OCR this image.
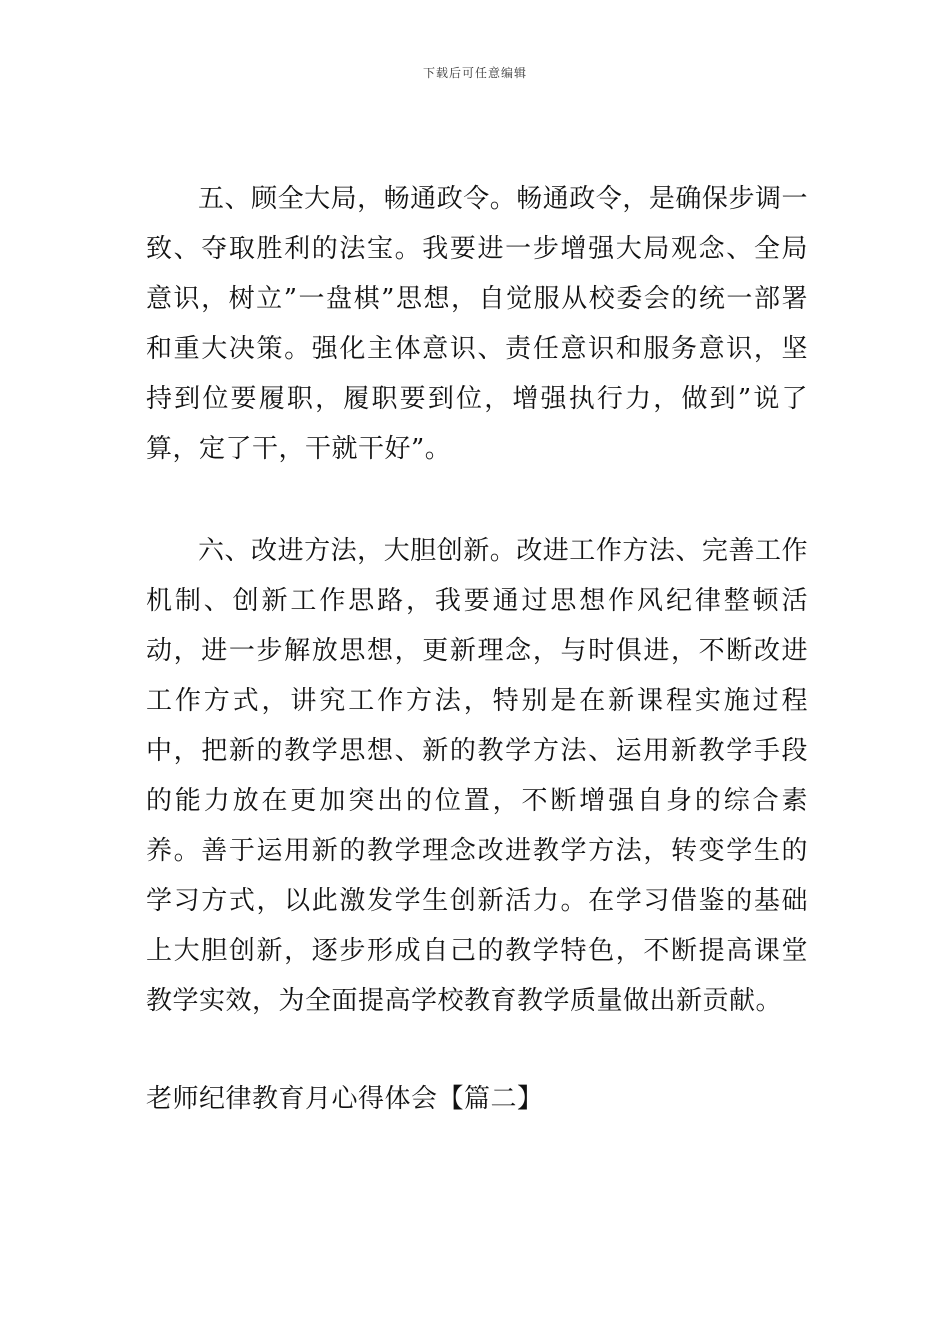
下载后可任意编辑

五、顾全大局，畅通政令。畅通政令，是确保步调一致、夺取胜利的法宝。我要进一步增强大局观念、全局意识，树立”一盘棋”思想，自觉服从校委会的统一部署和重大决策。强化主体意识、责任意识和服务意识，坚持到位要履职，履职要到位，增强执行力，做到”说了算，定了干，干就干好”。

六、改进方法，大胆创新。改进工作方法、完善工作机制、创新工作思路，我要通过思想作风纪律整顿活动，进一步解放思想，更新理念，与时俱进，不断改进工作方式，讲究工作方法，特别是在新课程实施过程中，把新的教学思想、新的教学方法、运用新教学手段的能力放在更加突出的位置，不断增强自身的综合素养。善于运用新的教学理念改进教学方法，转变学生的学习方式，以此激发学生创新活力。在学习借鉴的基础上大胆创新，逐步形成自己的教学特色，不断提高课堂教学实效，为全面提高学校教育教学质量做出新贡献。

老师纪律教育月心得体会【篇二】
